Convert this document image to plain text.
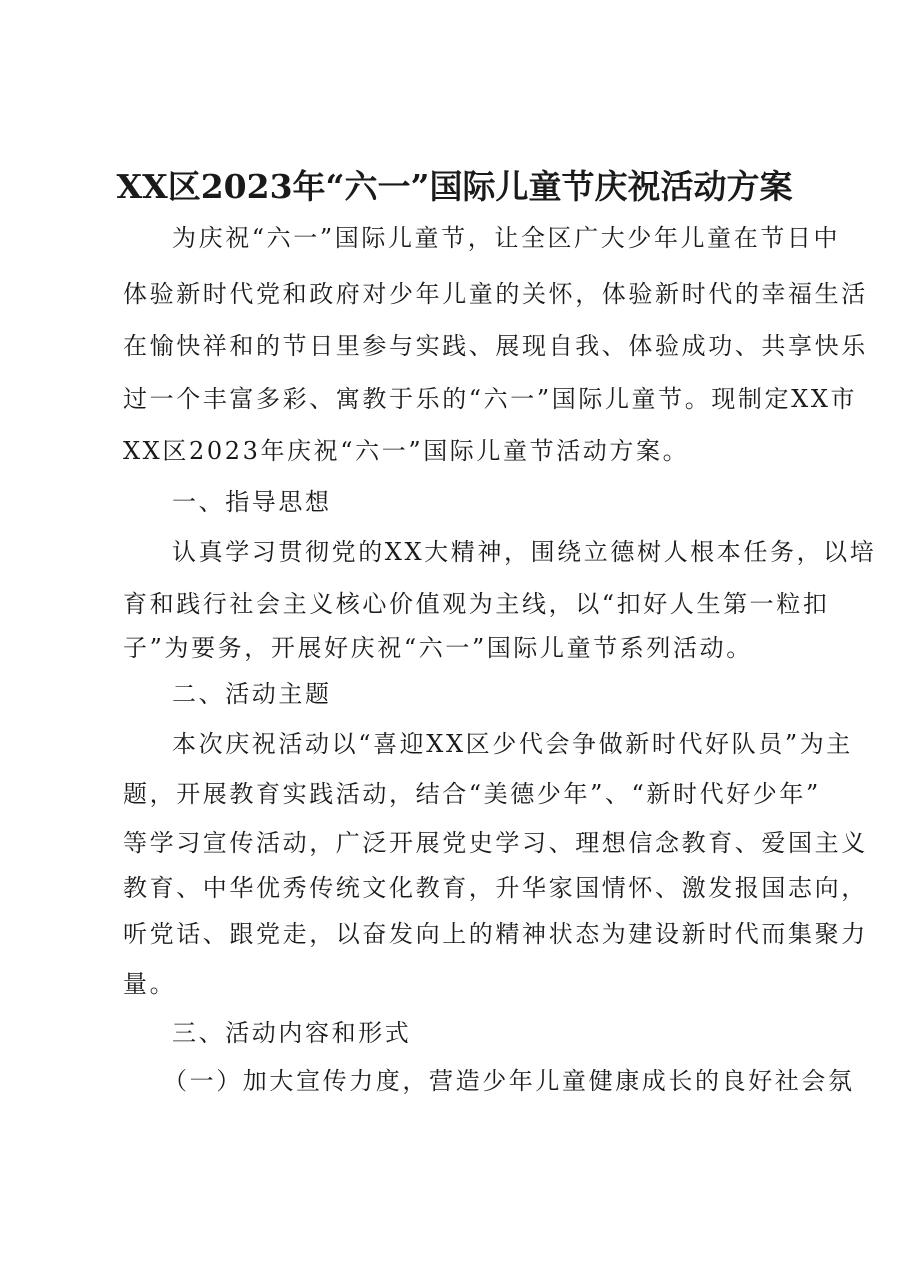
XX区2023年“六一”国际儿童节庆祝活动方案
为庆祝“六一”国际儿童节，让全区广大少年儿童在节日中
体验新时代党和政府对少年儿童的关怀，体验新时代的幸福生活
在愉快祥和的节日里参与实践、展现自我、体验成功、共享快乐
过一个丰富多彩、寓教于乐的“六一”国际儿童节。现制定XX市
XX区2023年庆祝“六一”国际儿童节活动方案。
一、指导思想
认真学习贯彻党的XX大精神，围绕立德树人根本任务，以培
育和践行社会主义核心价值观为主线，以“扣好人生第一粒扣
子”为要务，开展好庆祝“六一”国际儿童节系列活动。
二、活动主题
本次庆祝活动以“喜迎XX区少代会争做新时代好队员”为主
题，开展教育实践活动，结合“美德少年”、“新时代好少年”
等学习宣传活动，广泛开展党史学习、理想信念教育、爱国主义
教育、中华优秀传统文化教育，升华家国情怀、激发报国志向，
听党话、跟党走，以奋发向上的精神状态为建设新时代而集聚力
量。
三、活动内容和形式
（一）加大宣传力度，营造少年儿童健康成长的良好社会氛
